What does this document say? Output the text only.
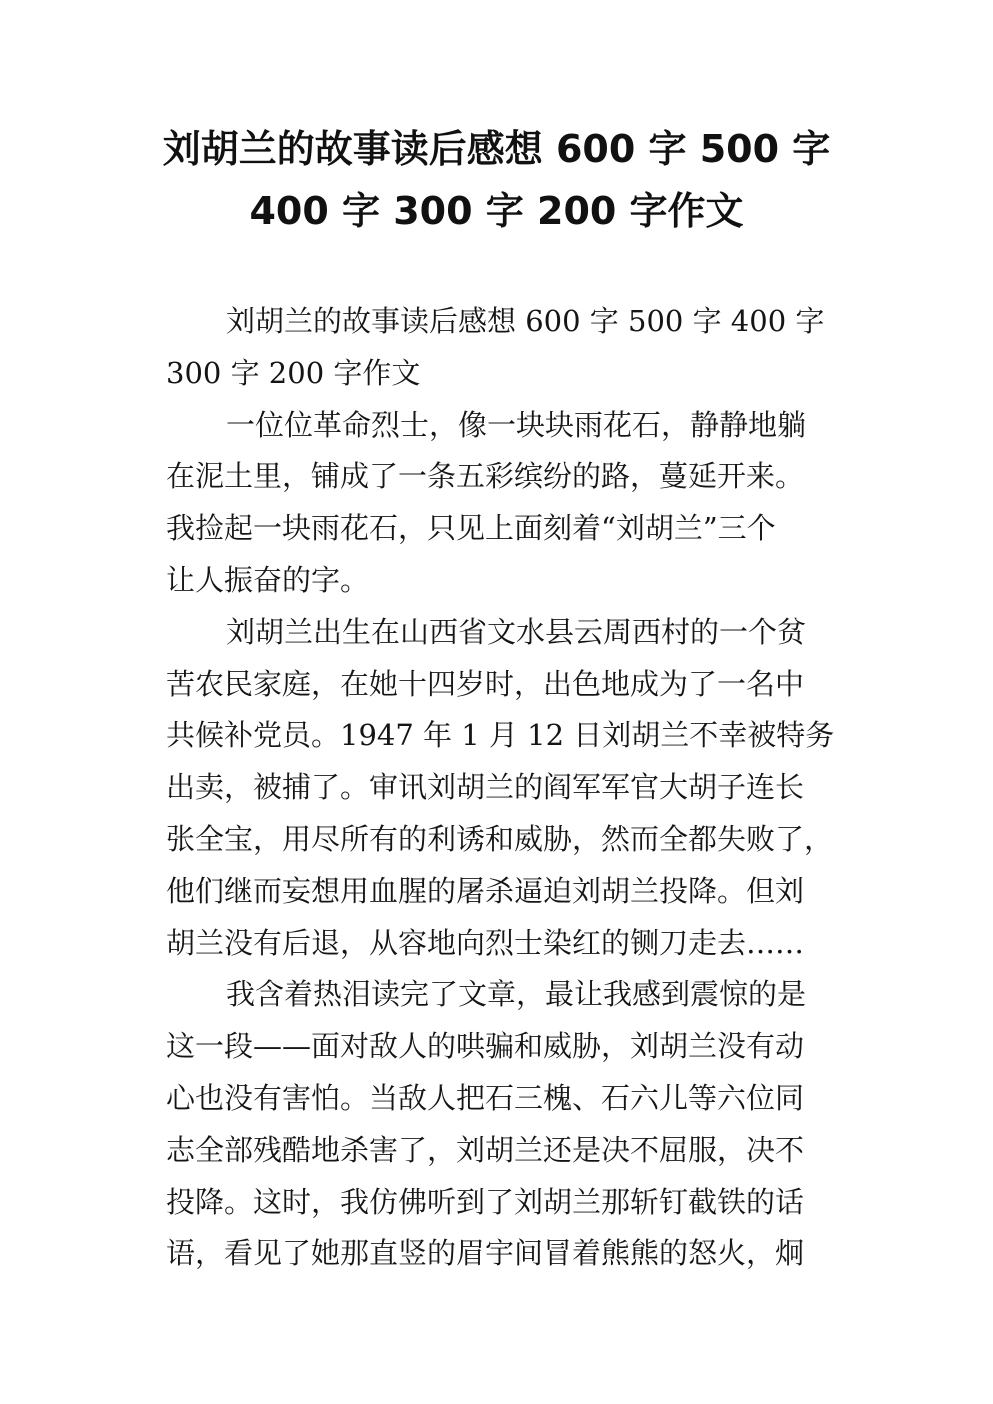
刘胡兰的故事读后感想 600 字 500 字
400 字 300 字 200 字作文
刘胡兰的故事读后感想 600 字 500 字 400 字
300 字 200 字作文
一位位革命烈士，像一块块雨花石，静静地躺
在泥土里，铺成了一条五彩缤纷的路，蔓延开来。
我捡起一块雨花石，只见上面刻着“刘胡兰”三个
让人振奋的字。
刘胡兰出生在山西省文水县云周西村的一个贫
苦农民家庭，在她十四岁时，出色地成为了一名中
共候补党员。1947 年 1 月 12 日刘胡兰不幸被特务
出卖，被捕了。审讯刘胡兰的阎军军官大胡子连长
张全宝，用尽所有的利诱和威胁，然而全都失败了，
他们继而妄想用血腥的屠杀逼迫刘胡兰投降。但刘
胡兰没有后退，从容地向烈士染红的铡刀走去……
我含着热泪读完了文章，最让我感到震惊的是
这一段——面对敌人的哄骗和威胁，刘胡兰没有动
心也没有害怕。当敌人把石三槐、石六儿等六位同
志全部残酷地杀害了，刘胡兰还是决不屈服，决不
投降。这时，我仿佛听到了刘胡兰那斩钉截铁的话
语，看见了她那直竖的眉宇间冒着熊熊的怒火，炯
